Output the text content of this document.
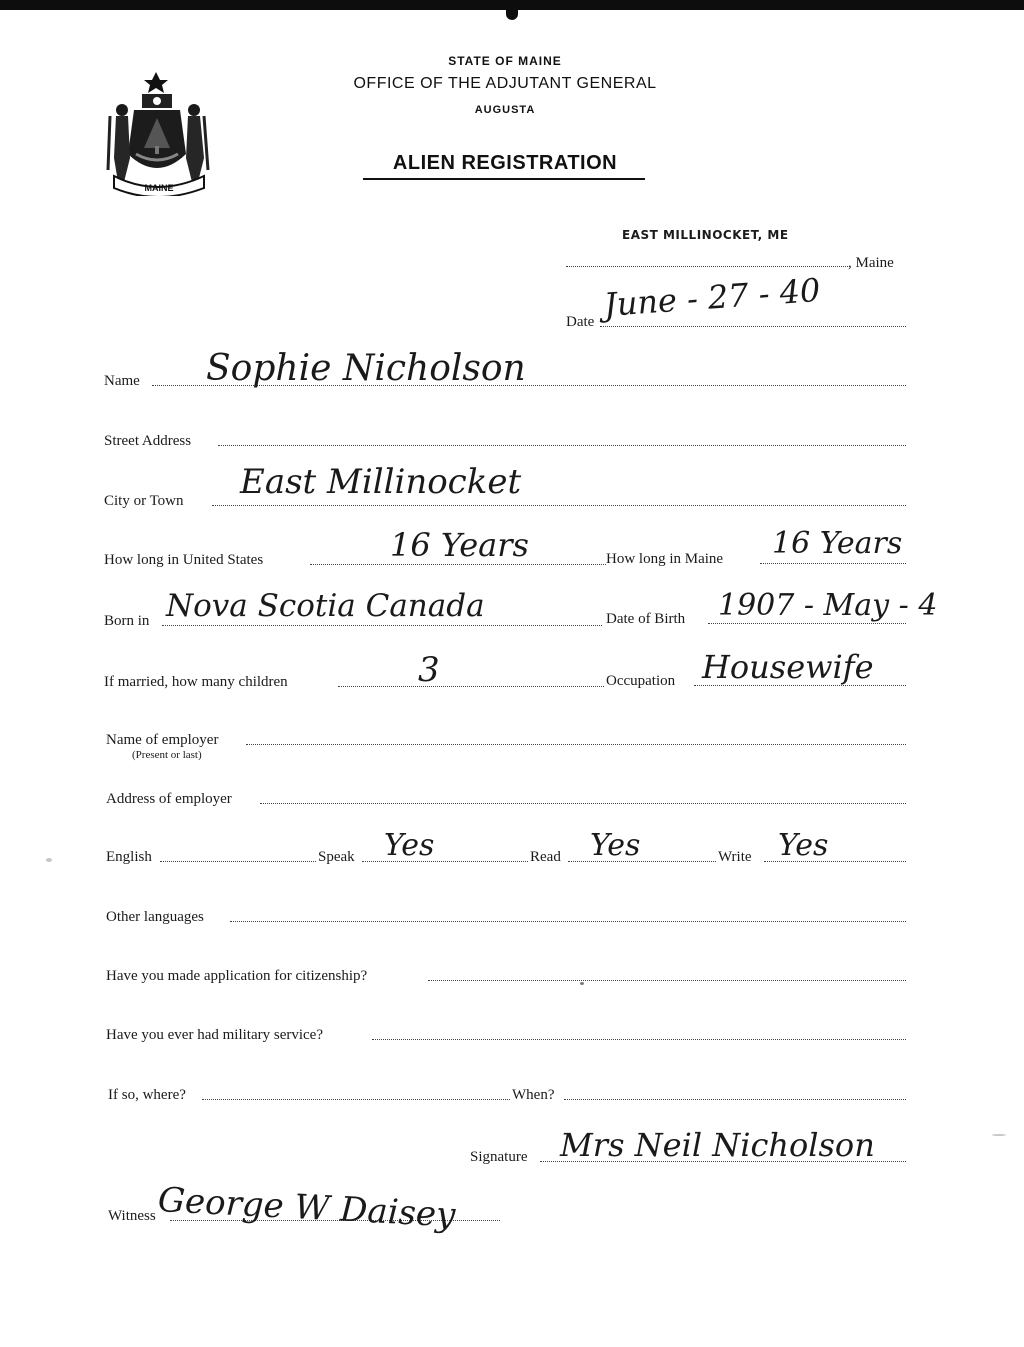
MAINE
STATE OF MAINE
OFFICE OF THE ADJUTANT GENERAL
AUGUSTA
ALIEN REGISTRATION
EAST MILLINOCKET, ME
, Maine
Date June - 27 - 40
Name Sophie Nicholson
Street Address
City or Town East Millinocket
How long in United States	16 Years	How long in Maine 16 Years
Born in Nova Scotia Canada	Date of Birth 1907 - May - 4
If married, how many children	3	Occupation Housewife
Name of employer
(Present or last)
Address of employer
English	Speak Yes	Read Yes	Write Yes
Other languages
Have you made application for citizenship?
Have you ever had military service?
If so, where?	When?
Signature Mrs Neil Nicholson
Witness George W Daisey
